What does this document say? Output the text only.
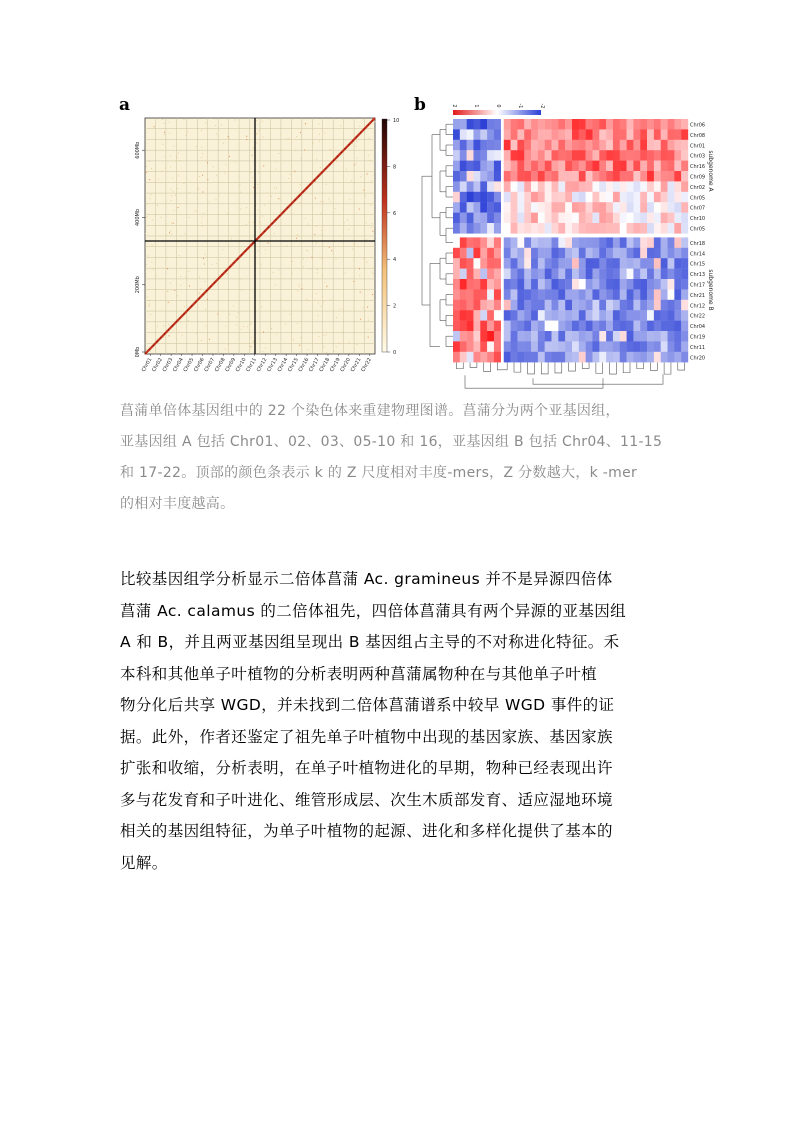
a	b
0Mb
200Mb
400Mb
600Mb
Chr01
Chr02
Chr03
Chr04
Chr05
Chr06
Chr07
Chr08
Chr09
Chr10
Chr11
Chr12
Chr13
Chr14
Chr15
Chr16
Chr17
Chr18
Chr19
Chr20
Chr21
Chr22
10
8
6
4
2
0
2	1	0	-1	-2
Chr06
Chr08
Chr01
Chr03
Chr16
Chr09
Chr02
Chr05
Chr07
Chr10
Chr05
Chr18
Chr14
Chr15
Chr13
Chr17
Chr21
Chr12
Chr22
Chr04
Chr19
Chr11
Chr20
subgenome A
subgenome B

菖蒲单倍体基因组中的 22 个染色体来重建物理图谱。菖蒲分为两个亚基因组，

亚基因组 A 包括 Chr01、02、03、05-10 和 16，亚基因组 B 包括 Chr04、11-15

和 17-22。顶部的颜色条表示 k 的 Z 尺度相对丰度-mers，Z 分数越大，k -mer

的相对丰度越高。

比较基因组学分析显示二倍体菖蒲 Ac. gramineus 并不是异源四倍体

菖蒲 Ac. calamus 的二倍体祖先，四倍体菖蒲具有两个异源的亚基因组

A 和 B，并且两亚基因组呈现出 B 基因组占主导的不对称进化特征。禾

本科和其他单子叶植物的分析表明两种菖蒲属物种在与其他单子叶植

物分化后共享 WGD，并未找到二倍体菖蒲谱系中较早 WGD 事件的证

据。此外，作者还鉴定了祖先单子叶植物中出现的基因家族、基因家族

扩张和收缩，分析表明，在单子叶植物进化的早期，物种已经表现出许

多与花发育和子叶进化、维管形成层、次生木质部发育、适应湿地环境

相关的基因组特征，为单子叶植物的起源、进化和多样化提供了基本的

见解。
